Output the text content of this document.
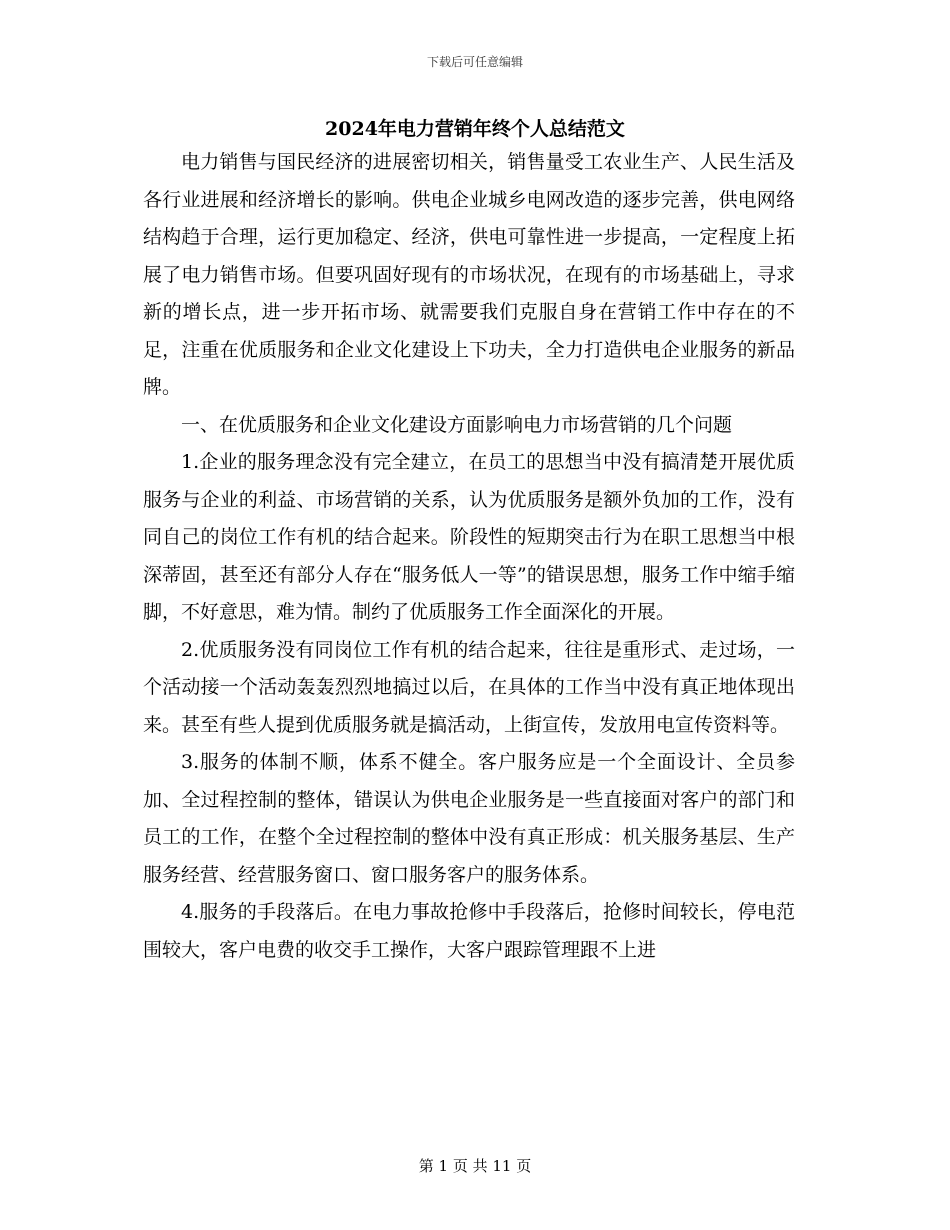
下载后可任意编辑
2024年电力营销年终个人总结范文

电力销售与国民经济的进展密切相关，销售量受工农业生产、人民生活及各行业进展和经济增长的影响。供电企业城乡电网改造的逐步完善，供电网络结构趋于合理，运行更加稳定、经济，供电可靠性进一步提高，一定程度上拓展了电力销售市场。但要巩固好现有的市场状况，在现有的市场基础上，寻求新的增长点，进一步开拓市场、就需要我们克服自身在营销工作中存在的不足，注重在优质服务和企业文化建设上下功夫，全力打造供电企业服务的新品牌。

一、在优质服务和企业文化建设方面影响电力市场营销的几个问题

1.企业的服务理念没有完全建立，在员工的思想当中没有搞清楚开展优质服务与企业的利益、市场营销的关系，认为优质服务是额外负加的工作，没有同自己的岗位工作有机的结合起来。阶段性的短期突击行为在职工思想当中根深蒂固，甚至还有部分人存在“服务低人一等”的错误思想，服务工作中缩手缩脚，不好意思，难为情。制约了优质服务工作全面深化的开展。

2.优质服务没有同岗位工作有机的结合起来，往往是重形式、走过场，一个活动接一个活动轰轰烈烈地搞过以后，在具体的工作当中没有真正地体现出来。甚至有些人提到优质服务就是搞活动，上街宣传，发放用电宣传资料等。

3.服务的体制不顺，体系不健全。客户服务应是一个全面设计、全员参加、全过程控制的整体，错误认为供电企业服务是一些直接面对客户的部门和员工的工作，在整个全过程控制的整体中没有真正形成：机关服务基层、生产服务经营、经营服务窗口、窗口服务客户的服务体系。

4.服务的手段落后。在电力事故抢修中手段落后，抢修时间较长，停电范围较大，客户电费的收交手工操作，大客户跟踪管理跟不上进

第 1 页 共 11 页
